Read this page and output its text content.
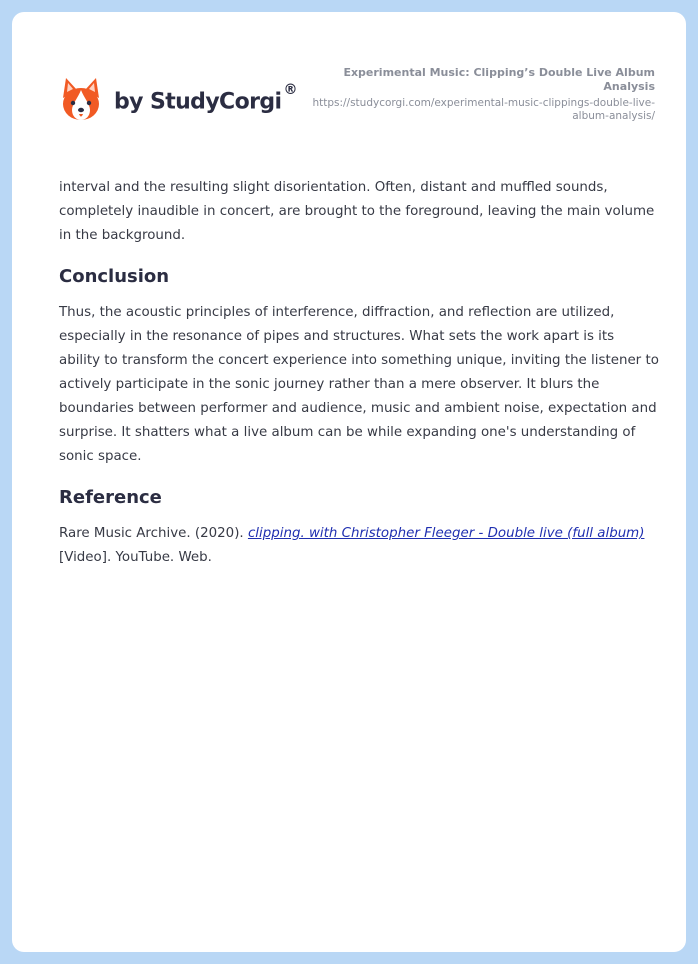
by StudyCorgi ®
Experimental Music: Clipping’s Double Live Album Analysis
https://studycorgi.com/experimental-music-clippings-double-live-album-analysis/

interval and the resulting slight disorientation. Often, distant and muffled sounds, completely inaudible in concert, are brought to the foreground, leaving the main volume in the background.

Conclusion

Thus, the acoustic principles of interference, diffraction, and reflection are utilized, especially in the resonance of pipes and structures. What sets the work apart is its ability to transform the concert experience into something unique, inviting the listener to actively participate in the sonic journey rather than a mere observer. It blurs the boundaries between performer and audience, music and ambient noise, expectation and surprise. It shatters what a live album can be while expanding one's understanding of sonic space.

Reference

Rare Music Archive. (2020). clipping. with Christopher Fleeger - Double live (full album) [Video]. YouTube. Web.
